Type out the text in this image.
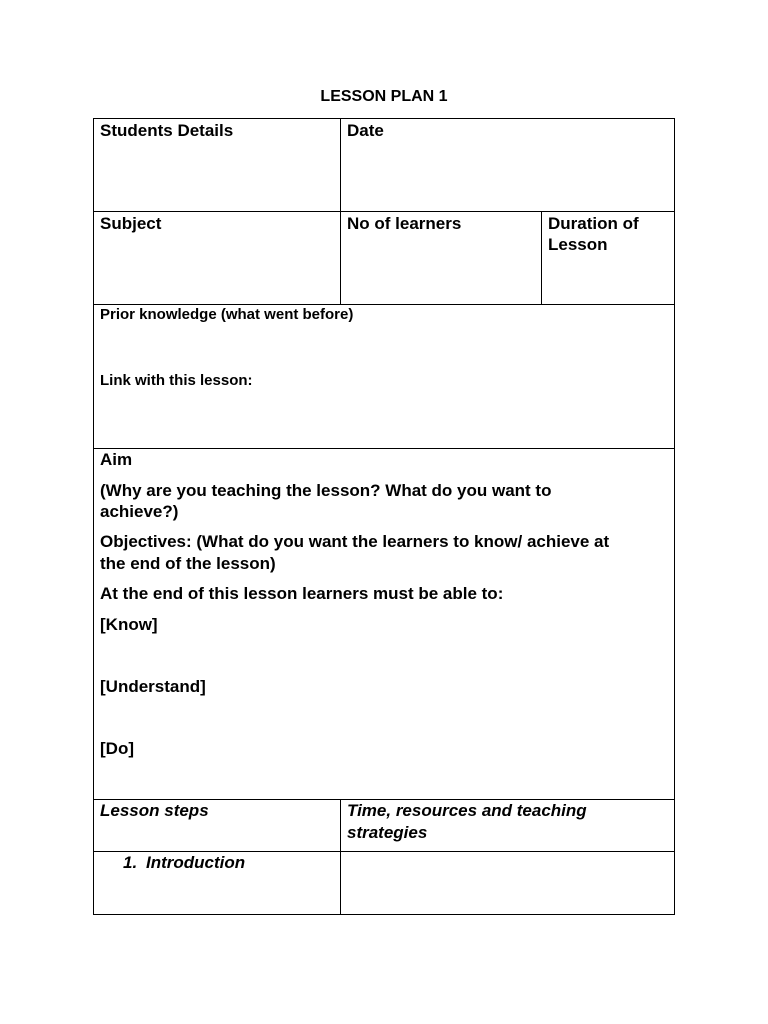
LESSON PLAN 1
Students Details	Date
Subject	No of learners	Duration of
Lesson
Prior knowledge (what went before)
Link with this lesson:
Aim
(Why are you teaching the lesson? What do you want to
achieve?)
Objectives: (What do you want the learners to know/ achieve at
the end of the lesson)
At the end of this lesson learners must be able to:
[Know]
[Understand]
[Do]
Lesson steps	Time, resources and teaching
strategies
1. Introduction
